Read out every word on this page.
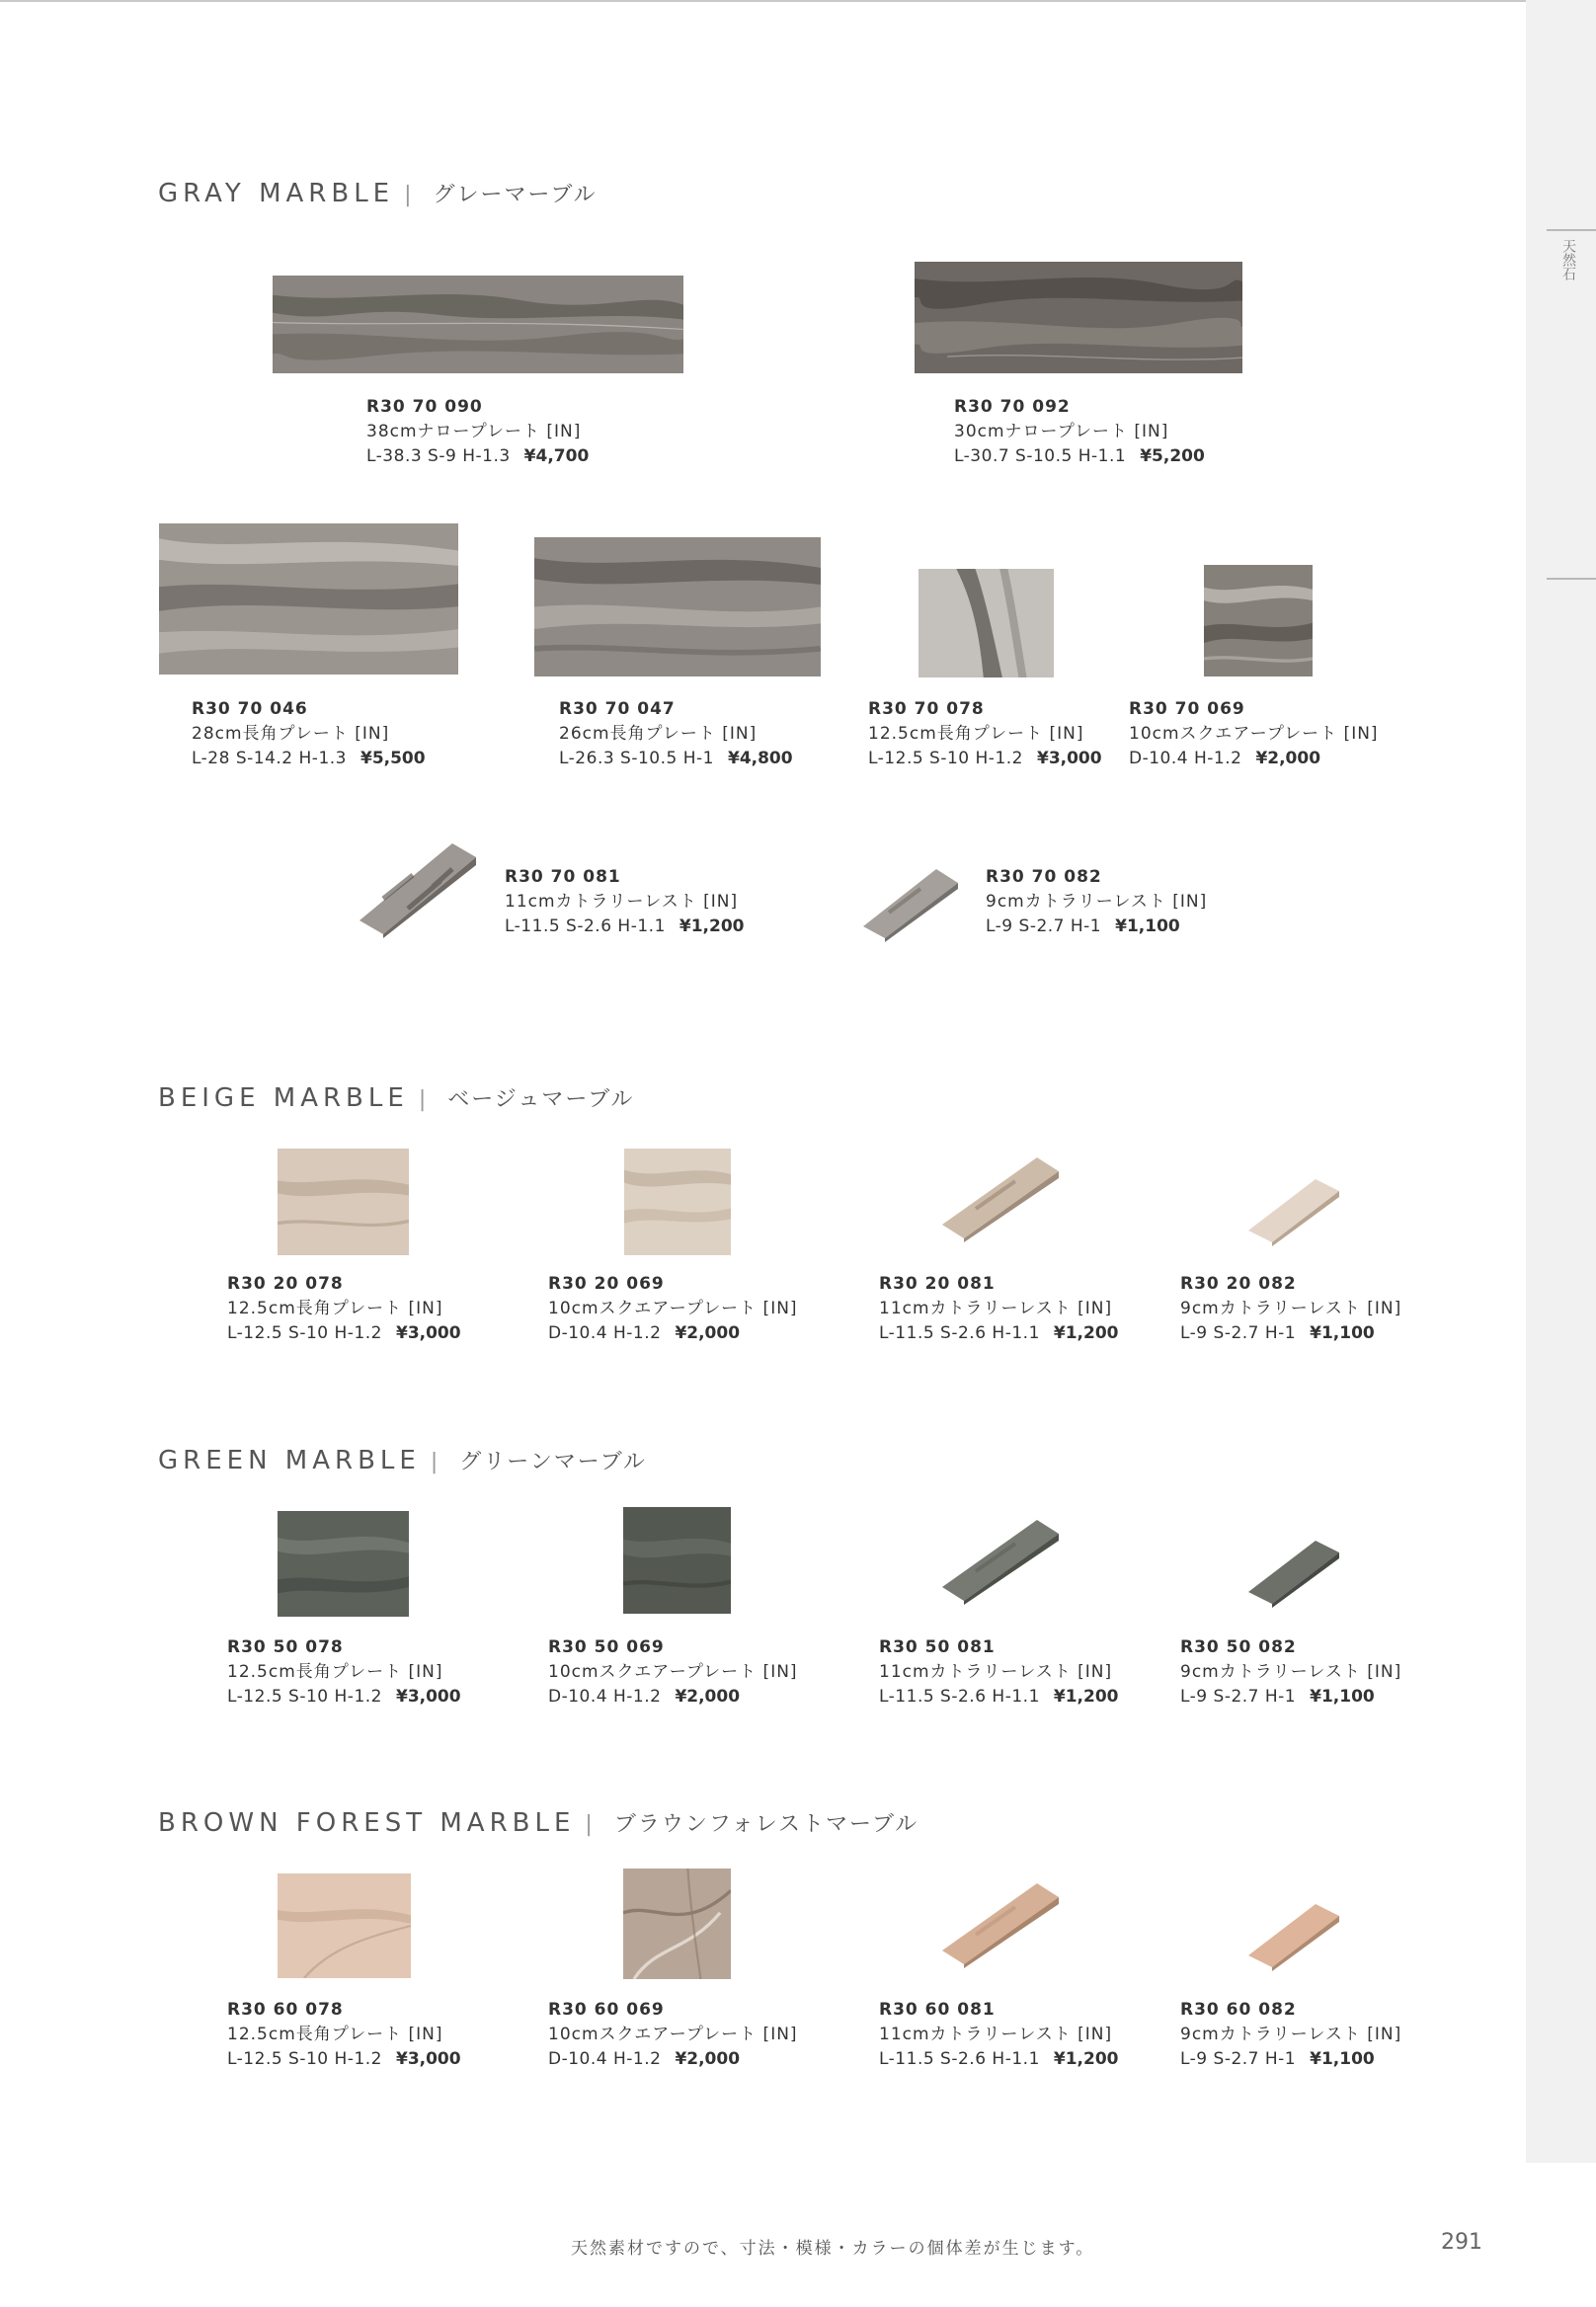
天然石
GRAY MARBLE | グレーマーブル
R30 70 090
38cmナロープレート [IN]
L-38.3 S-9 H-1.3 ¥4,700
R30 70 092
30cmナロープレート [IN]
L-30.7 S-10.5 H-1.1 ¥5,200
R30 70 046
28cm長角プレート [IN]
L-28 S-14.2 H-1.3 ¥5,500
R30 70 047
26cm長角プレート [IN]
L-26.3 S-10.5 H-1 ¥4,800
R30 70 078
12.5cm長角プレート [IN]
L-12.5 S-10 H-1.2 ¥3,000
R30 70 069
10cmスクエアープレート [IN]
D-10.4 H-1.2 ¥2,000
R30 70 081
11cmカトラリーレスト [IN]
L-11.5 S-2.6 H-1.1 ¥1,200
R30 70 082
9cmカトラリーレスト [IN]
L-9 S-2.7 H-1 ¥1,100
BEIGE MARBLE | ベージュマーブル
R30 20 078
12.5cm長角プレート [IN]
L-12.5 S-10 H-1.2 ¥3,000
R30 20 069
10cmスクエアープレート [IN]
D-10.4 H-1.2 ¥2,000
R30 20 081
11cmカトラリーレスト [IN]
L-11.5 S-2.6 H-1.1 ¥1,200
R30 20 082
9cmカトラリーレスト [IN]
L-9 S-2.7 H-1 ¥1,100
GREEN MARBLE | グリーンマーブル
R30 50 078
12.5cm長角プレート [IN]
L-12.5 S-10 H-1.2 ¥3,000
R30 50 069
10cmスクエアープレート [IN]
D-10.4 H-1.2 ¥2,000
R30 50 081
11cmカトラリーレスト [IN]
L-11.5 S-2.6 H-1.1 ¥1,200
R30 50 082
9cmカトラリーレスト [IN]
L-9 S-2.7 H-1 ¥1,100
BROWN FOREST MARBLE | ブラウンフォレストマーブル
R30 60 078
12.5cm長角プレート [IN]
L-12.5 S-10 H-1.2 ¥3,000
R30 60 069
10cmスクエアープレート [IN]
D-10.4 H-1.2 ¥2,000
R30 60 081
11cmカトラリーレスト [IN]
L-11.5 S-2.6 H-1.1 ¥1,200
R30 60 082
9cmカトラリーレスト [IN]
L-9 S-2.7 H-1 ¥1,100
天然素材ですので、寸法・模様・カラーの個体差が生じます。	291
